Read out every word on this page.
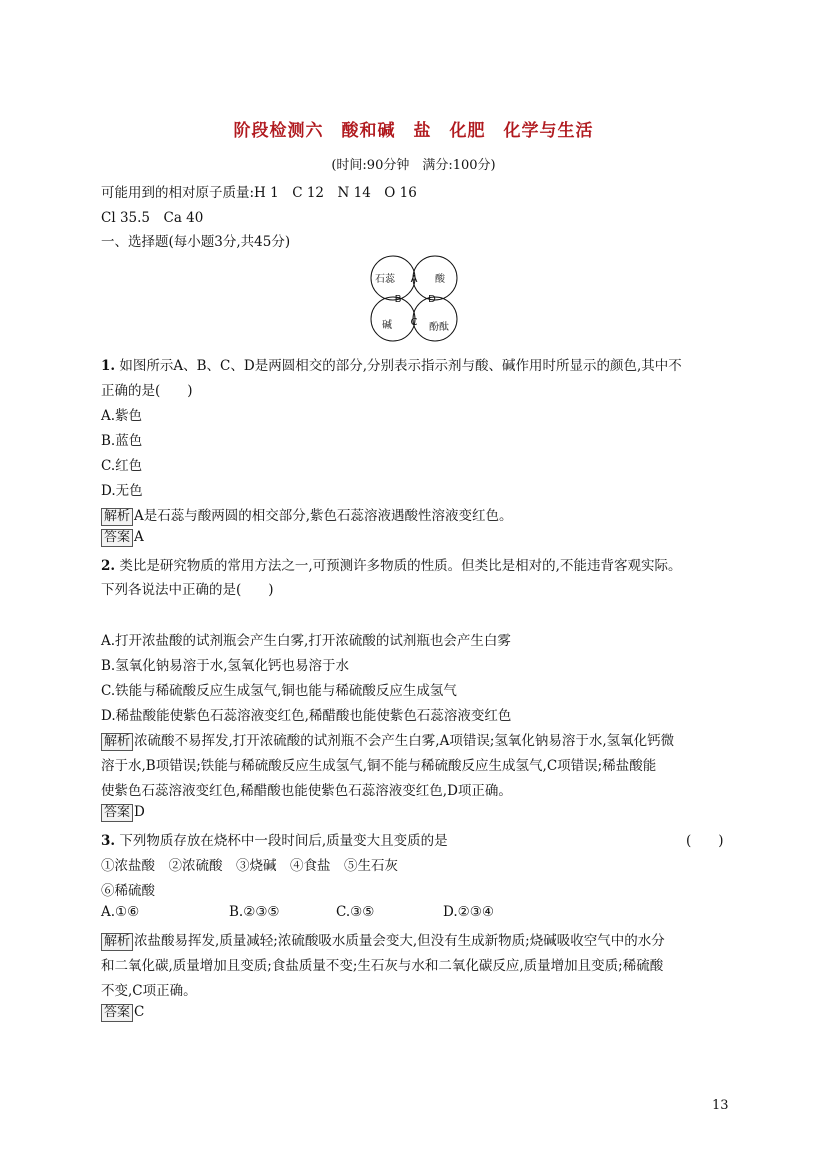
阶段检测六　酸和碱　盐　化肥　化学与生活
(时间:90分钟　满分:100分)
可能用到的相对原子质量:H 1　C 12　N 14　O 16
Cl 35.5　Ca 40
一、选择题(每小题3分,共45分)
石蕊	酸
碱	酚酞
A
B
C
D
1. 如图所示A、B、C、D是两圆相交的部分,分别表示指示剂与酸、碱作用时所显示的颜色,其中不
正确的是(　　)
A.紫色
B.蓝色
C.红色
D.无色
解析 A是石蕊与酸两圆的相交部分,紫色石蕊溶液遇酸性溶液变红色。
答案 A
2. 类比是研究物质的常用方法之一,可预测许多物质的性质。但类比是相对的,不能违背客观实际。
下列各说法中正确的是(　　)
A.打开浓盐酸的试剂瓶会产生白雾,打开浓硫酸的试剂瓶也会产生白雾
B.氢氧化钠易溶于水,氢氧化钙也易溶于水
C.铁能与稀硫酸反应生成氢气,铜也能与稀硫酸反应生成氢气
D.稀盐酸能使紫色石蕊溶液变红色,稀醋酸也能使紫色石蕊溶液变红色
解析 浓硫酸不易挥发,打开浓硫酸的试剂瓶不会产生白雾,A项错误;氢氧化钠易溶于水,氢氧化钙微
溶于水,B项错误;铁能与稀硫酸反应生成氢气,铜不能与稀硫酸反应生成氢气,C项错误;稀盐酸能
使紫色石蕊溶液变红色,稀醋酸也能使紫色石蕊溶液变红色,D项正确。
答案 D
3. 下列物质存放在烧杯中一段时间后,质量变大且变质的是	(　　)
①浓盐酸　②浓硫酸　③烧碱　④食盐　⑤生石灰
⑥稀硫酸
A.①⑥	B.②③⑤	C.③⑤	D.②③④
解析 浓盐酸易挥发,质量减轻;浓硫酸吸水质量会变大,但没有生成新物质;烧碱吸收空气中的水分
和二氧化碳,质量增加且变质;食盐质量不变;生石灰与水和二氧化碳反应,质量增加且变质;稀硫酸
不变,C项正确。
答案 C
13
